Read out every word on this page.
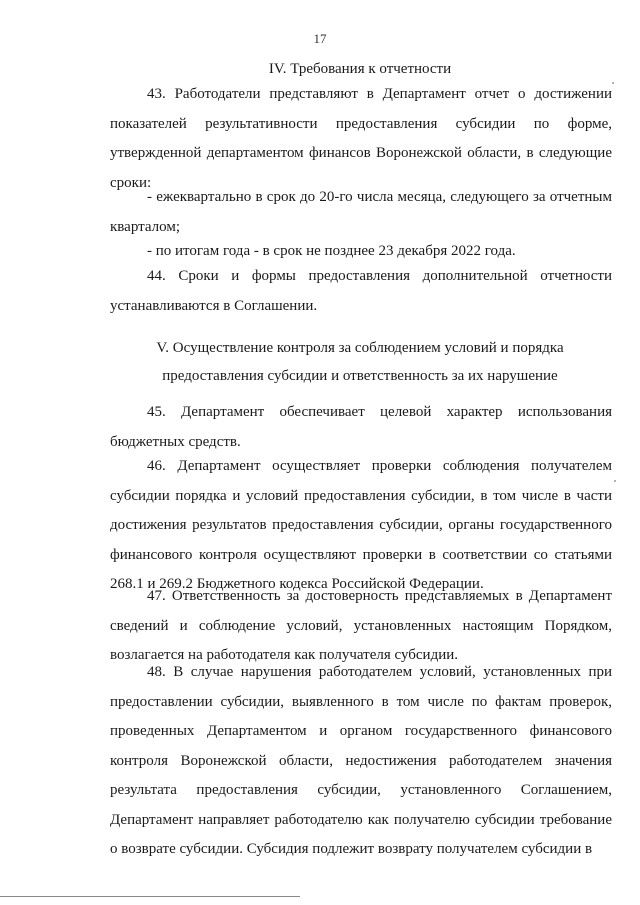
17
IV. Требования к отчетности

43. Работодатели представляют в Департамент отчет о достижении показателей результативности предоставления субсидии по форме, утвержденной департаментом финансов Воронежской области, в следующие сроки:

- ежеквартально в срок до 20-го числа месяца, следующего за отчетным кварталом;

- по итогам года - в срок не позднее 23 декабря 2022 года.

44. Сроки и формы предоставления дополнительной отчетности устанавливаются в Соглашении.

V. Осуществление контроля за соблюдением условий и порядка
предоставления субсидии и ответственность за их нарушение

45. Департамент обеспечивает целевой характер использования бюджетных средств.

46. Департамент осуществляет проверки соблюдения получателем субсидии порядка и условий предоставления субсидии, в том числе в части достижения результатов предоставления субсидии, органы государственного финансового контроля осуществляют проверки в соответствии со статьями 268.1 и 269.2 Бюджетного кодекса Российской Федерации.

47. Ответственность за достоверность представляемых в Департамент сведений и соблюдение условий, установленных настоящим Порядком, возлагается на работодателя как получателя субсидии.

48. В случае нарушения работодателем условий, установленных при предоставлении субсидии, выявленного в том числе по фактам проверок, проведенных Департаментом и органом государственного финансового контроля Воронежской области, недостижения работодателем значения результата предоставления субсидии, установленного Соглашением, Департамент направляет работодателю как получателю субсидии требование о возврате субсидии. Субсидия подлежит возврату получателем субсидии в
